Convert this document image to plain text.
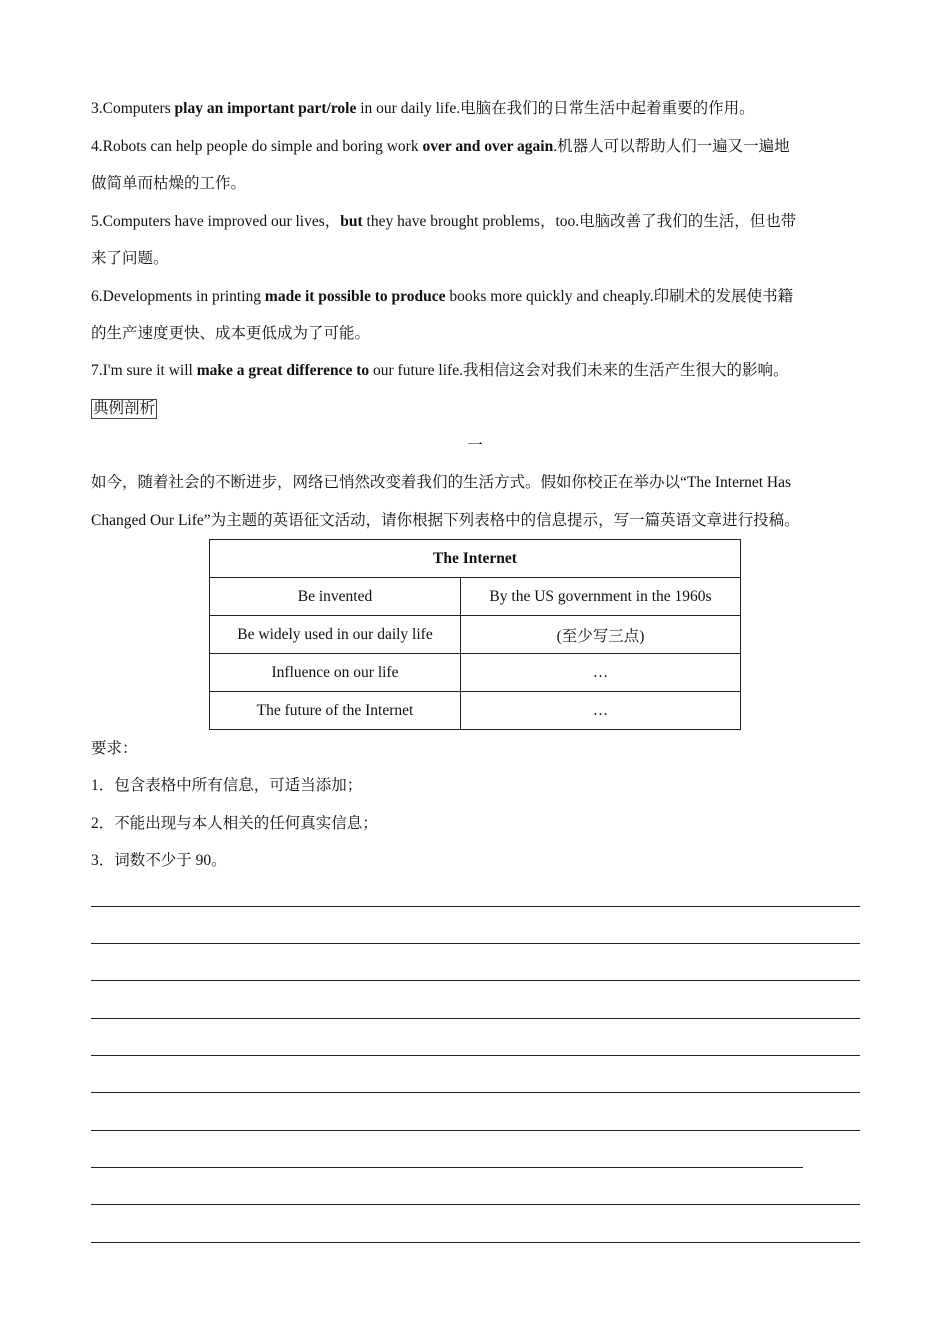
3.Computers play an important part/role in our daily life.电脑在我们的日常生活中起着重要的作用。
4.Robots can help people do simple and boring work over and over again.机器人可以帮助人们一遍又一遍地
做简单而枯燥的工作。
5.Computers have improved our lives，but they have brought problems，too.电脑改善了我们的生活，但也带
来了问题。
6.Developments in printing made it possible to produce books more quickly and cheaply.印刷术的发展使书籍
的生产速度更快、成本更低成为了可能。
7.I'm sure it will make a great difference to our future life.我相信这会对我们未来的生活产生很大的影响。
典例剖析
一
如今，随着社会的不断进步，网络已悄然改变着我们的生活方式。假如你校正在举办以“The Internet Has
Changed Our Life”为主题的英语征文活动，请你根据下列表格中的信息提示，写一篇英语文章进行投稿。
The Internet	
Be invented	By the US government in the 1960s
Be widely used in our daily life	(至少写三点)
Influence on our life	…
The future of the Internet	…
要求：
1．包含表格中所有信息，可适当添加；
2．不能出现与本人相关的任何真实信息；
3．词数不少于 90。
